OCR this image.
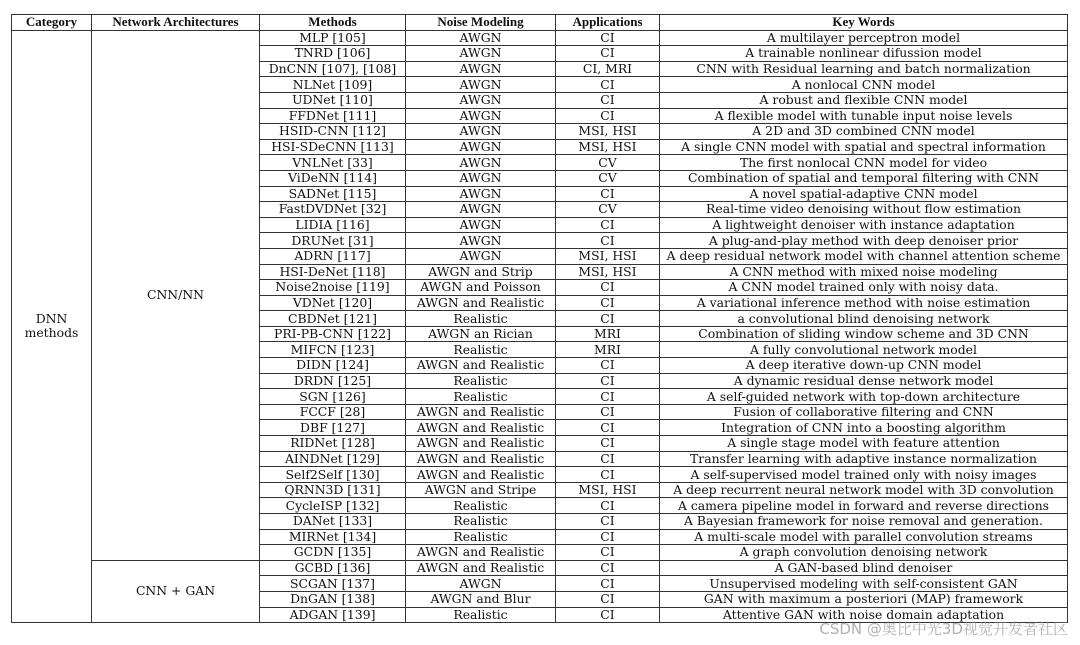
Category	Network Architectures	Methods	Noise Modeling	Applications	Key Words

DNN
methods	CNN/NN	MLP [105]	AWGN	CI	A multilayer perceptron model
		TNRD [106]	AWGN	CI	A trainable nonlinear difussion model
		DnCNN [107], [108]	AWGN	CI, MRI	CNN with Residual learning and batch normalization
		NLNet [109]	AWGN	CI	A nonlocal CNN model
		UDNet [110]	AWGN	CI	A robust and flexible CNN model
		FFDNet [111]	AWGN	CI	A flexible model with tunable input noise levels
		HSID-CNN [112]	AWGN	MSI, HSI	A 2D and 3D combined CNN model
		HSI-SDeCNN [113]	AWGN	MSI, HSI	A single CNN model with spatial and spectral information
		VNLNet [33]	AWGN	CV	The first nonlocal CNN model for video
		ViDeNN [114]	AWGN	CV	Combination of spatial and temporal filtering with CNN
		SADNet [115]	AWGN	CI	A novel spatial-adaptive CNN model
		FastDVDNet [32]	AWGN	CV	Real-time video denoising without flow estimation
		LIDIA [116]	AWGN	CI	A lightweight denoiser with instance adaptation
		DRUNet [31]	AWGN	CI	A plug-and-play method with deep denoiser prior
		ADRN [117]	AWGN	MSI, HSI	A deep residual network model with channel attention scheme
		HSI-DeNet [118]	AWGN and Strip	MSI, HSI	A CNN method with mixed noise modeling
		Noise2noise [119]	AWGN and Poisson	CI	A CNN model trained only with noisy data.
		VDNet [120]	AWGN and Realistic	CI	A variational inference method with noise estimation
		CBDNet [121]	Realistic	CI	a convolutional blind denoising network
		PRI-PB-CNN [122]	AWGN an Rician	MRI	Combination of sliding window scheme and 3D CNN
		MIFCN [123]	Realistic	MRI	A fully convolutional network model
		DIDN [124]	AWGN and Realistic	CI	A deep iterative down-up CNN model
		DRDN [125]	Realistic	CI	A dynamic residual dense network model
		SGN [126]	Realistic	CI	A self-guided network with top-down architecture
		FCCF [28]	AWGN and Realistic	CI	Fusion of collaborative filtering and CNN
		DBF [127]	AWGN and Realistic	CI	Integration of CNN into a boosting algorithm
		RIDNet [128]	AWGN and Realistic	CI	A single stage model with feature attention
		AINDNet [129]	AWGN and Realistic	CI	Transfer learning with adaptive instance normalization
		Self2Self [130]	AWGN and Realistic	CI	A self-supervised model trained only with noisy images
		QRNN3D [131]	AWGN and Stripe	MSI, HSI	A deep recurrent neural network model with 3D convolution
		CycleISP [132]	Realistic	CI	A camera pipeline model in forward and reverse directions
		DANet [133]	Realistic	CI	A Bayesian framework for noise removal and generation.
		MIRNet [134]	Realistic	CI	A multi-scale model with parallel convolution streams
		GCDN [135]	AWGN and Realistic	CI	A graph convolution denoising network
	CNN + GAN	GCBD [136]	AWGN and Realistic	CI	A GAN-based blind denoiser
		SCGAN [137]	AWGN	CI	Unsupervised modeling with self-consistent GAN
		DnGAN [138]	AWGN and Blur	CI	GAN with maximum a posteriori (MAP) framework
		ADGAN [139]	Realistic	CI	Attentive GAN with noise domain adaptation
CSDN @奥比中光3D视觉开发者社区
